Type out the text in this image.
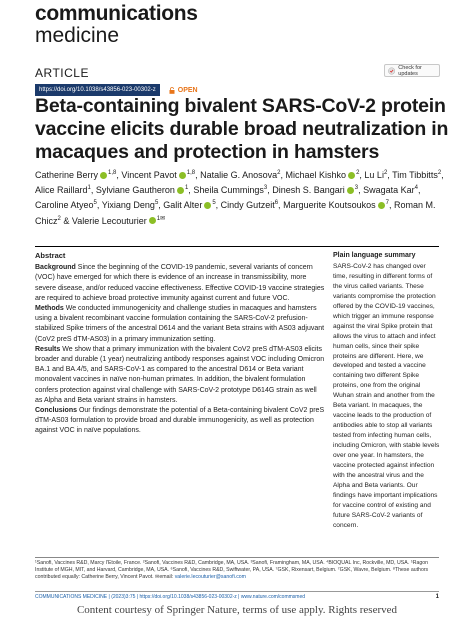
communications
medicine
ARTICLE	Check for updates
https://doi.org/10.1038/s43856-023-00302-z	OPEN
Beta-containing bivalent SARS-CoV-2 protein vaccine elicits durable broad neutralization in macaques and protection in hamsters
Catherine Berry $^{1,8}$, Vincent Pavot $^{1,8}$, Natalie G. Anosova$^2$, Michael Kishko $^2$, Lu Li$^2$, Tim Tibbitts$^2$, Alice Raillard$^1$, Sylviane Gautheron $^1$, Sheila Cummings$^3$, Dinesh S. Bangari $^3$, Swagata Kar$^4$, Caroline Atyeo$^5$, Yixiang Deng$^5$, Galit Alter $^5$, Cindy Gutzeit$^6$, Marguerite Koutsoukos $^7$, Roman M. Chicz$^2$ & Valerie Lecouturier $^{1✉}$
Abstract

Background Since the beginning of the COVID-19 pandemic, several variants of concern (VOC) have emerged for which there is evidence of an increase in transmissibility, more severe disease, and/or reduced vaccine effectiveness. Effective COVID-19 vaccine strategies are required to achieve broad protective immunity against current and future VOC.

Methods We conducted immunogenicity and challenge studies in macaques and hamsters using a bivalent recombinant vaccine formulation containing the SARS-CoV-2 prefusion-stabilized Spike trimers of the ancestral D614 and the variant Beta strains with AS03 adjuvant (CoV2 preS dTM-AS03) in a primary immunization setting.

Results We show that a primary immunization with the bivalent CoV2 preS dTM-AS03 elicits broader and durable (1 year) neutralizing antibody responses against VOC including Omicron BA.1 and BA.4/5, and SARS-CoV-1 as compared to the ancestral D614 or Beta variant monovalent vaccines in naïve non-human primates. In addition, the bivalent formulation confers protection against viral challenge with SARS-CoV-2 prototype D614G strain as well as Alpha and Beta variant strains in hamsters.

Conclusions Our findings demonstrate the potential of a Beta-containing bivalent CoV2 preS dTM-AS03 formulation to provide broad and durable immunogenicity, as well as protection against VOC in naïve populations.

Plain language summary

SARS-CoV-2 has changed over time, resulting in different forms of the virus called variants. These variants compromise the protection offered by the COVID-19 vaccines, which trigger an immune response against the viral Spike protein that allows the virus to attach and infect human cells, since their spike proteins are different. Here, we developed and tested a vaccine containing two different Spike proteins, one from the original Wuhan strain and another from the Beta variant. In macaques, the vaccine leads to the production of antibodies able to stop all variants tested from infecting human cells, including Omicron, with stable levels over one year. In hamsters, the vaccine protected against infection with the ancestral virus and the Alpha and Beta variants. Our findings have important implications for vaccine control of existing and future SARS-CoV-2 variants of concern.

¹Sanofi, Vaccines R&D, Marcy l'Etoile, France. ²Sanofi, Vaccines R&D, Cambridge, MA, USA. ³Sanofi, Framingham, MA, USA. ⁴BIOQUAL Inc, Rockville, MD, USA. ⁵Ragon Institute of MGH, MIT, and Harvard, Cambridge, MA, USA. ⁶Sanofi, Vaccines R&D, Swiftwater, PA, USA. ⁷GSK, Rixensart, Belgium. ⁷GSK, Wavre, Belgium. ⁸These authors contributed equally: Catherine Berry, Vincent Pavot. ✉email: valerie.lecouturier@sanofi.com
COMMUNICATIONS MEDICINE | (2023)3:75 | https://doi.org/10.1038/s43856-023-00302-z | www.nature.com/commsmed	1
Content courtesy of Springer Nature, terms of use apply. Rights reserved
